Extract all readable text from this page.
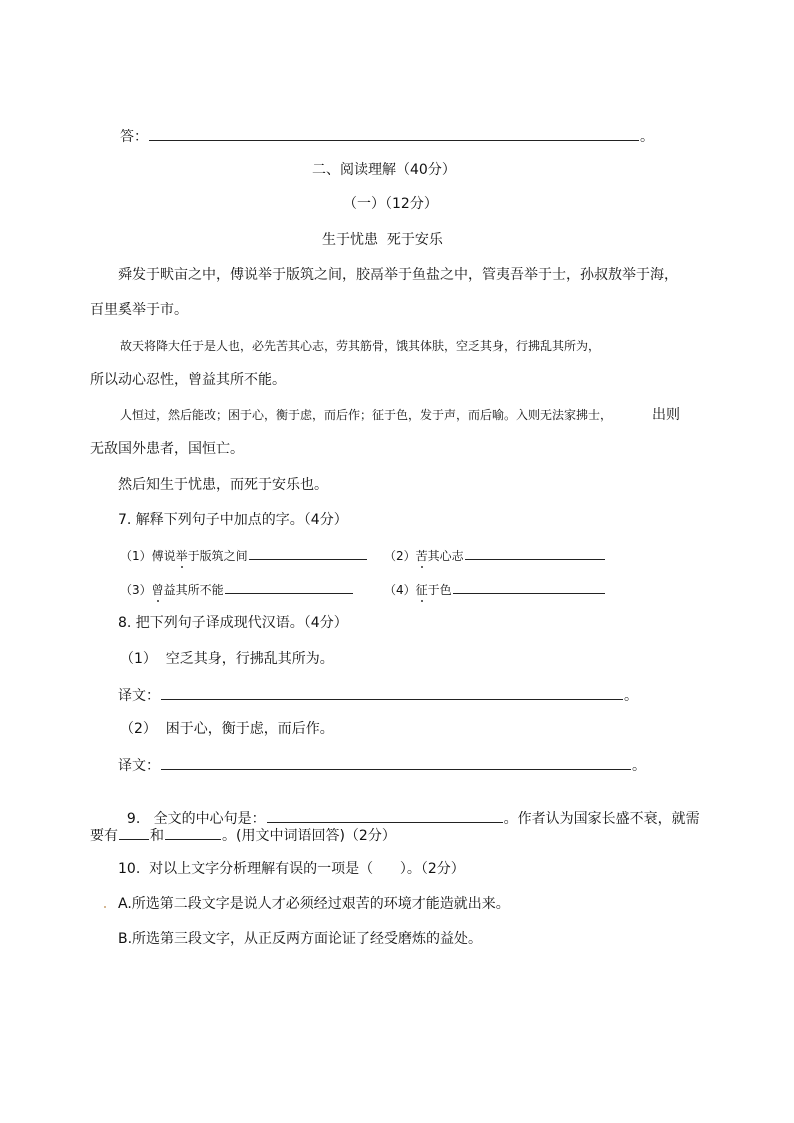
答：	。
二、阅读理解（40分）
（一）（12分）
生于忧患  死于安乐
舜发于畎亩之中，傅说举于版筑之间，胶鬲举于鱼盐之中，管夷吾举于士，孙叔敖举于海，
百里奚举于市。
故天将降大任于是人也，必先苦其心志，劳其筋骨，饿其体肤，空乏其身，行拂乱其所为，
所以动心忍性，曾益其所不能。
人恒过，然后能改；困于心，衡于虑，而后作；征于色，发于声，而后喻。入则无法家拂士，	出则
无敌国外患者，国恒亡。
然后知生于忧患，而死于安乐也。
7. 解释下列句子中加点的字。（4分）
（1）傅说举于版筑之间	（2）苦其心志
（3）曾益其所不能	（4）征于色
8. 把下列句子译成现代汉语。（4分）
（1）  空乏其身，行拂乱其所为。
译文：	。
（2）  困于心，衡于虑，而后作。
译文：	。

9.   全文的中心句是：	。作者认为国家长盛不衰，就需

要有 和	。(用文中词语回答)（2分）
10.  对以上文字分析理解有误的一项是（      ）。（2分）
A.所选第二段文字是说人才必须经过艰苦的环境才能造就出来。
B.所选第三段文字，从正反两方面论证了经受磨炼的益处。
